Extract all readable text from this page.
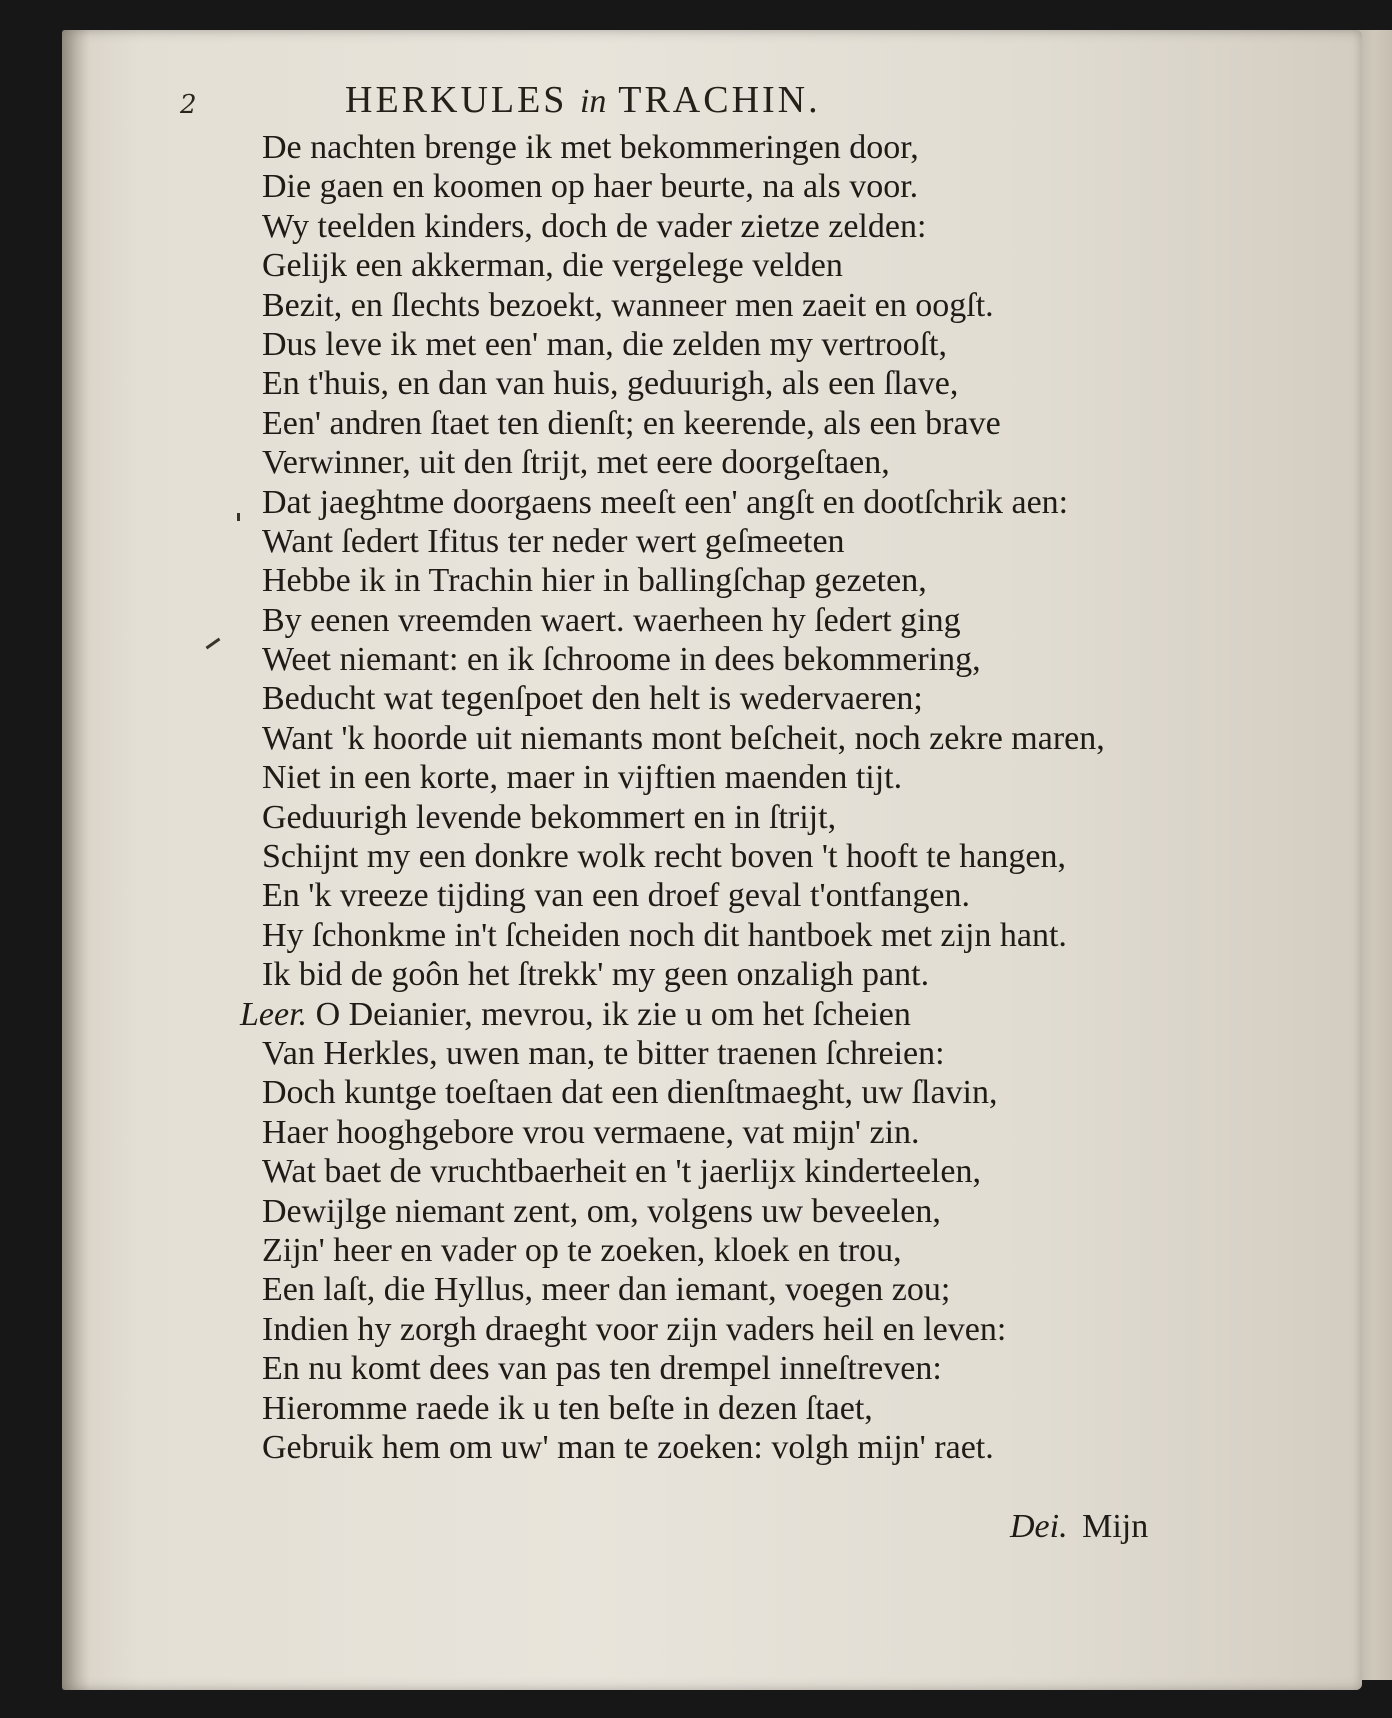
2	HERKULES in TRACHIN.
De nachten brenge ik met bekommeringen door,
Die gaen en koomen op haer beurte, na als voor.
Wy teelden kinders, doch de vader zietze zelden:
Gelijk een akkerman, die vergelege velden
Bezit, en ſlechts bezoekt, wanneer men zaeit en oogſt.
Dus leve ik met een' man, die zelden my vertrooſt,
En t'huis, en dan van huis, geduurigh, als een ſlave,
Een' andren ſtaet ten dienſt; en keerende, als een brave
Verwinner, uit den ſtrijt, met eere doorgeſtaen,
Dat jaeghtme doorgaens meeſt een' angſt en dootſchrik aen:
Want ſedert Ifitus ter neder wert geſmeeten
Hebbe ik in Trachin hier in ballingſchap gezeten,
By eenen vreemden waert. waerheen hy ſedert ging
Weet niemant: en ik ſchroome in dees bekommering,
Beducht wat tegenſpoet den helt is wedervaeren;
Want 'k hoorde uit niemants mont beſcheit, noch zekre maren,
Niet in een korte, maer in vijftien maenden tijt.
Geduurigh levende bekommert en in ſtrijt,
Schijnt my een donkre wolk recht boven 't hooft te hangen,
En 'k vreeze tijding van een droef geval t'ontfangen.
Hy ſchonkme in't ſcheiden noch dit hantboek met zijn hant.
Ik bid de goôn het ſtrekk' my geen onzaligh pant.
Leer. O Deianier, mevrou, ik zie u om het ſcheien
Van Herkles, uwen man, te bitter traenen ſchreien:
Doch kuntge toeſtaen dat een dienſtmaeght, uw ſlavin,
Haer hooghgebore vrou vermaene, vat mijn' zin.
Wat baet de vruchtbaerheit en 't jaerlijx kinderteelen,
Dewijlge niemant zent, om, volgens uw beveelen,
Zijn' heer en vader op te zoeken, kloek en trou,
Een laſt, die Hyllus, meer dan iemant, voegen zou;
Indien hy zorgh draeght voor zijn vaders heil en leven:
En nu komt dees van pas ten drempel inneſtreven:
Hieromme raede ik u ten beſte in dezen ſtaet,
Gebruik hem om uw' man te zoeken: volgh mijn' raet.
Dei. Mijn
